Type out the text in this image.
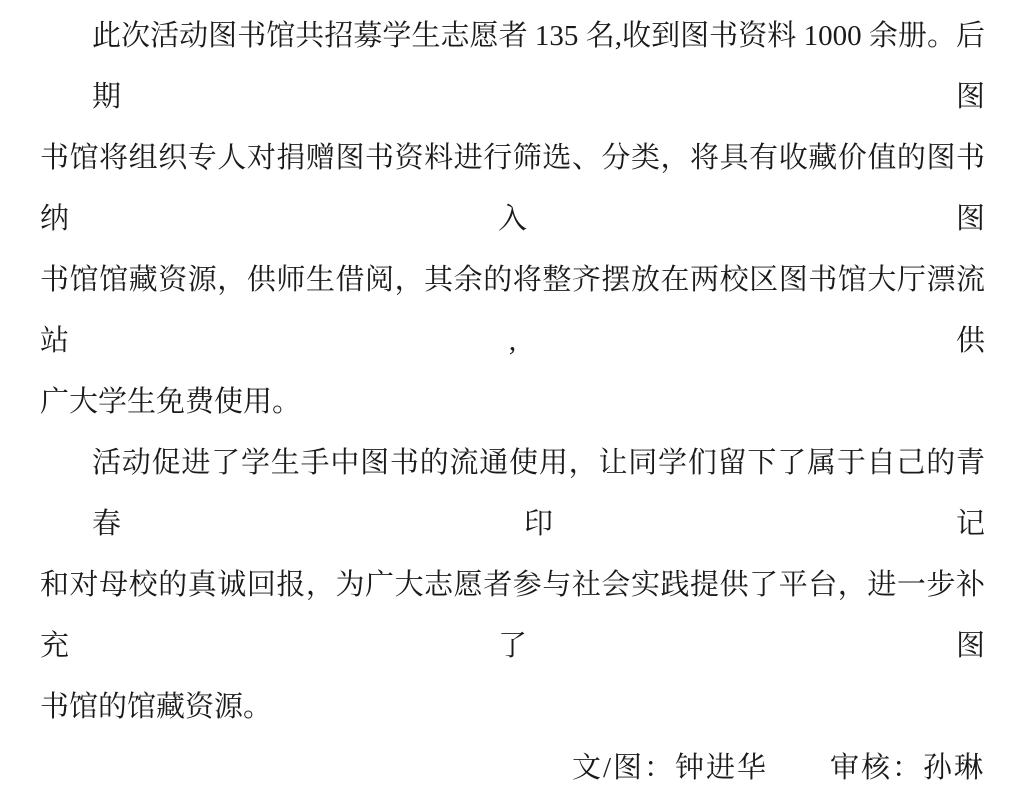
此次活动图书馆共招募学生志愿者 135 名,收到图书资料 1000 余册。后期图
书馆将组织专人对捐赠图书资料进行筛选、分类，将具有收藏价值的图书纳入图
书馆馆藏资源，供师生借阅，其余的将整齐摆放在两校区图书馆大厅漂流站,供
广大学生免费使用。
活动促进了学生手中图书的流通使用，让同学们留下了属于自己的青春印记
和对母校的真诚回报，为广大志愿者参与社会实践提供了平台，进一步补充了图
书馆的馆藏资源。
文/图：钟进华　　审核：孙琳
